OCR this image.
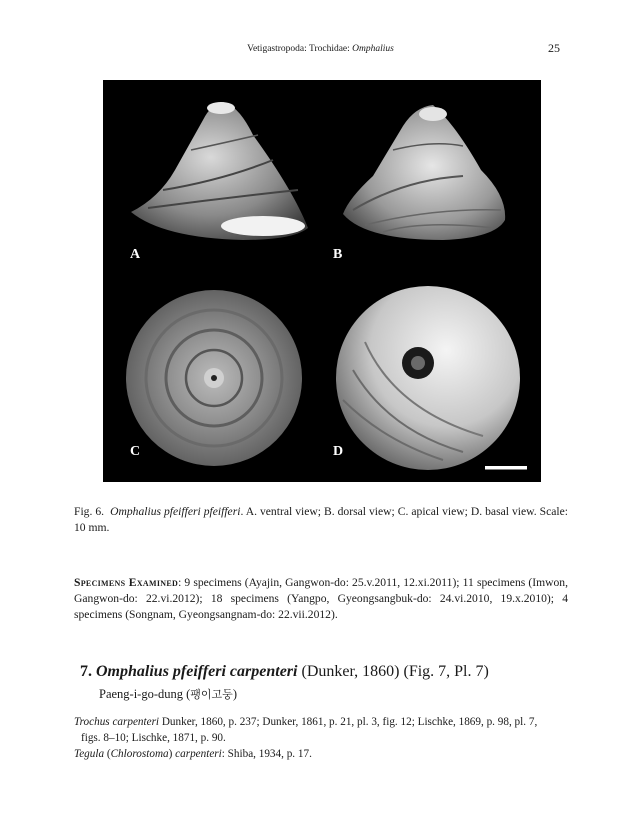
Vetigastropoda: Trochidae: Omphalius	25
A	B
C	D
Fig. 6. Omphalius pfeifferi pfeifferi. A. ventral view; B. dorsal view; C. apical view; D. basal view. Scale: 10 mm.
Specimens Examined: 9 specimens (Ayajin, Gangwon-do: 25.v.2011, 12.xi.2011); 11 specimens (Imwon, Gangwon-do: 22.vi.2012); 18 specimens (Yangpo, Gyeongsangbuk-do: 24.vi.2010, 19.x.2010); 4 specimens (Songnam, Gyeongsangnam-do: 22.vii.2012).
7. Omphalius pfeifferi carpenteri (Dunker, 1860) (Fig. 7, Pl. 7)
Paeng-i-go-dung (팽이고둥)
Trochus carpenteri Dunker, 1860, p. 237; Dunker, 1861, p. 21, pl. 3, fig. 12; Lischke, 1869, p. 98, pl. 7,
figs. 8–10; Lischke, 1871, p. 90.
Tegula (Chlorostoma) carpenteri: Shiba, 1934, p. 17.
